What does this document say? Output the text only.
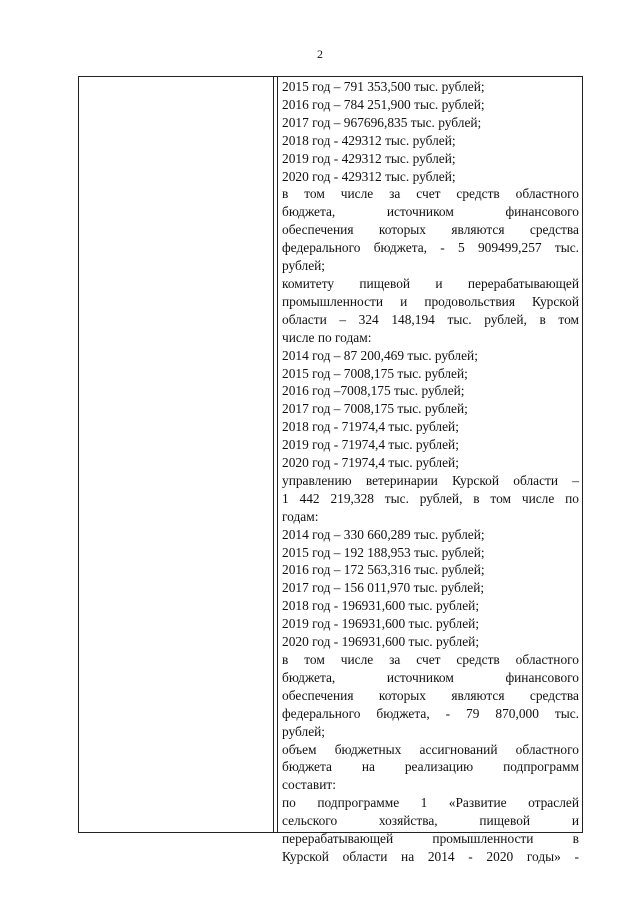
2
2015 год – 791 353,500 тыс. рублей;
2016 год – 784 251,900 тыс. рублей;
2017 год – 967696,835 тыс. рублей;
2018 год - 429312 тыс. рублей;
2019 год - 429312 тыс. рублей;
2020 год - 429312 тыс. рублей;
в том числе за счет средств областного
бюджета, источником финансового
обеспечения которых являются средства
федерального бюджета, - 5 909499,257 тыс.
рублей;
комитету пищевой и перерабатывающей
промышленности и продовольствия Курской
области – 324 148,194 тыс. рублей, в том
числе по годам:
2014 год – 87 200,469 тыс. рублей;
2015 год – 7008,175 тыс. рублей;
2016 год –7008,175 тыс. рублей;
2017 год – 7008,175 тыс. рублей;
2018 год - 71974,4 тыс. рублей;
2019 год - 71974,4 тыс. рублей;
2020 год - 71974,4 тыс. рублей;
управлению ветеринарии Курской области –
1 442 219,328 тыс. рублей, в том числе по
годам:
2014 год – 330 660,289 тыс. рублей;
2015 год – 192 188,953 тыс. рублей;
2016 год – 172 563,316 тыс. рублей;
2017 год – 156 011,970 тыс. рублей;
2018 год - 196931,600 тыс. рублей;
2019 год - 196931,600 тыс. рублей;
2020 год - 196931,600 тыс. рублей;
в том числе за счет средств областного
бюджета, источником финансового
обеспечения которых являются средства
федерального бюджета, - 79 870,000 тыс.
рублей;
объем бюджетных ассигнований областного
бюджета на реализацию подпрограмм
составит:
по подпрограмме 1 «Развитие отраслей
сельского хозяйства, пищевой и
перерабатывающей промышленности в
Курской области на 2014 - 2020 годы» -
